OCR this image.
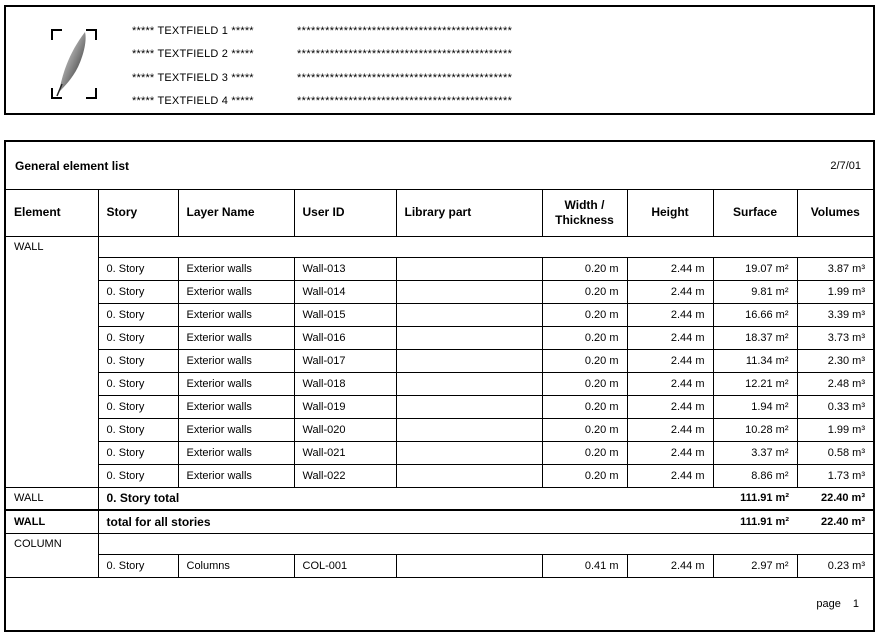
***** TEXTFIELD 1 *****	**********************************************
***** TEXTFIELD 2 *****	**********************************************
***** TEXTFIELD 3 *****	**********************************************
***** TEXTFIELD 4 *****	**********************************************
General element list	2/7/01
Element	Story	Layer Name	User ID	Library part	Width / Thickness	Height	Surface	Volumes
WALL								
	0. Story	Exterior walls	Wall-013		0.20 m	2.44 m	19.07 m²	3.87 m³
	0. Story	Exterior walls	Wall-014		0.20 m	2.44 m	9.81 m²	1.99 m³
	0. Story	Exterior walls	Wall-015		0.20 m	2.44 m	16.66 m²	3.39 m³
	0. Story	Exterior walls	Wall-016		0.20 m	2.44 m	18.37 m²	3.73 m³
	0. Story	Exterior walls	Wall-017		0.20 m	2.44 m	11.34 m²	2.30 m³
	0. Story	Exterior walls	Wall-018		0.20 m	2.44 m	12.21 m²	2.48 m³
	0. Story	Exterior walls	Wall-019		0.20 m	2.44 m	1.94 m²	0.33 m³
	0. Story	Exterior walls	Wall-020		0.20 m	2.44 m	10.28 m²	1.99 m³
	0. Story	Exterior walls	Wall-021		0.20 m	2.44 m	3.37 m²	0.58 m³
	0. Story	Exterior walls	Wall-022		0.20 m	2.44 m	8.86 m²	1.73 m³
WALL	0. Story total						111.91 m²	22.40 m³
WALL	total for all stories						111.91 m²	22.40 m³
COLUMN								
	0. Story	Columns	COL-001		0.41 m	2.44 m	2.97 m²	0.23 m³
page 1
